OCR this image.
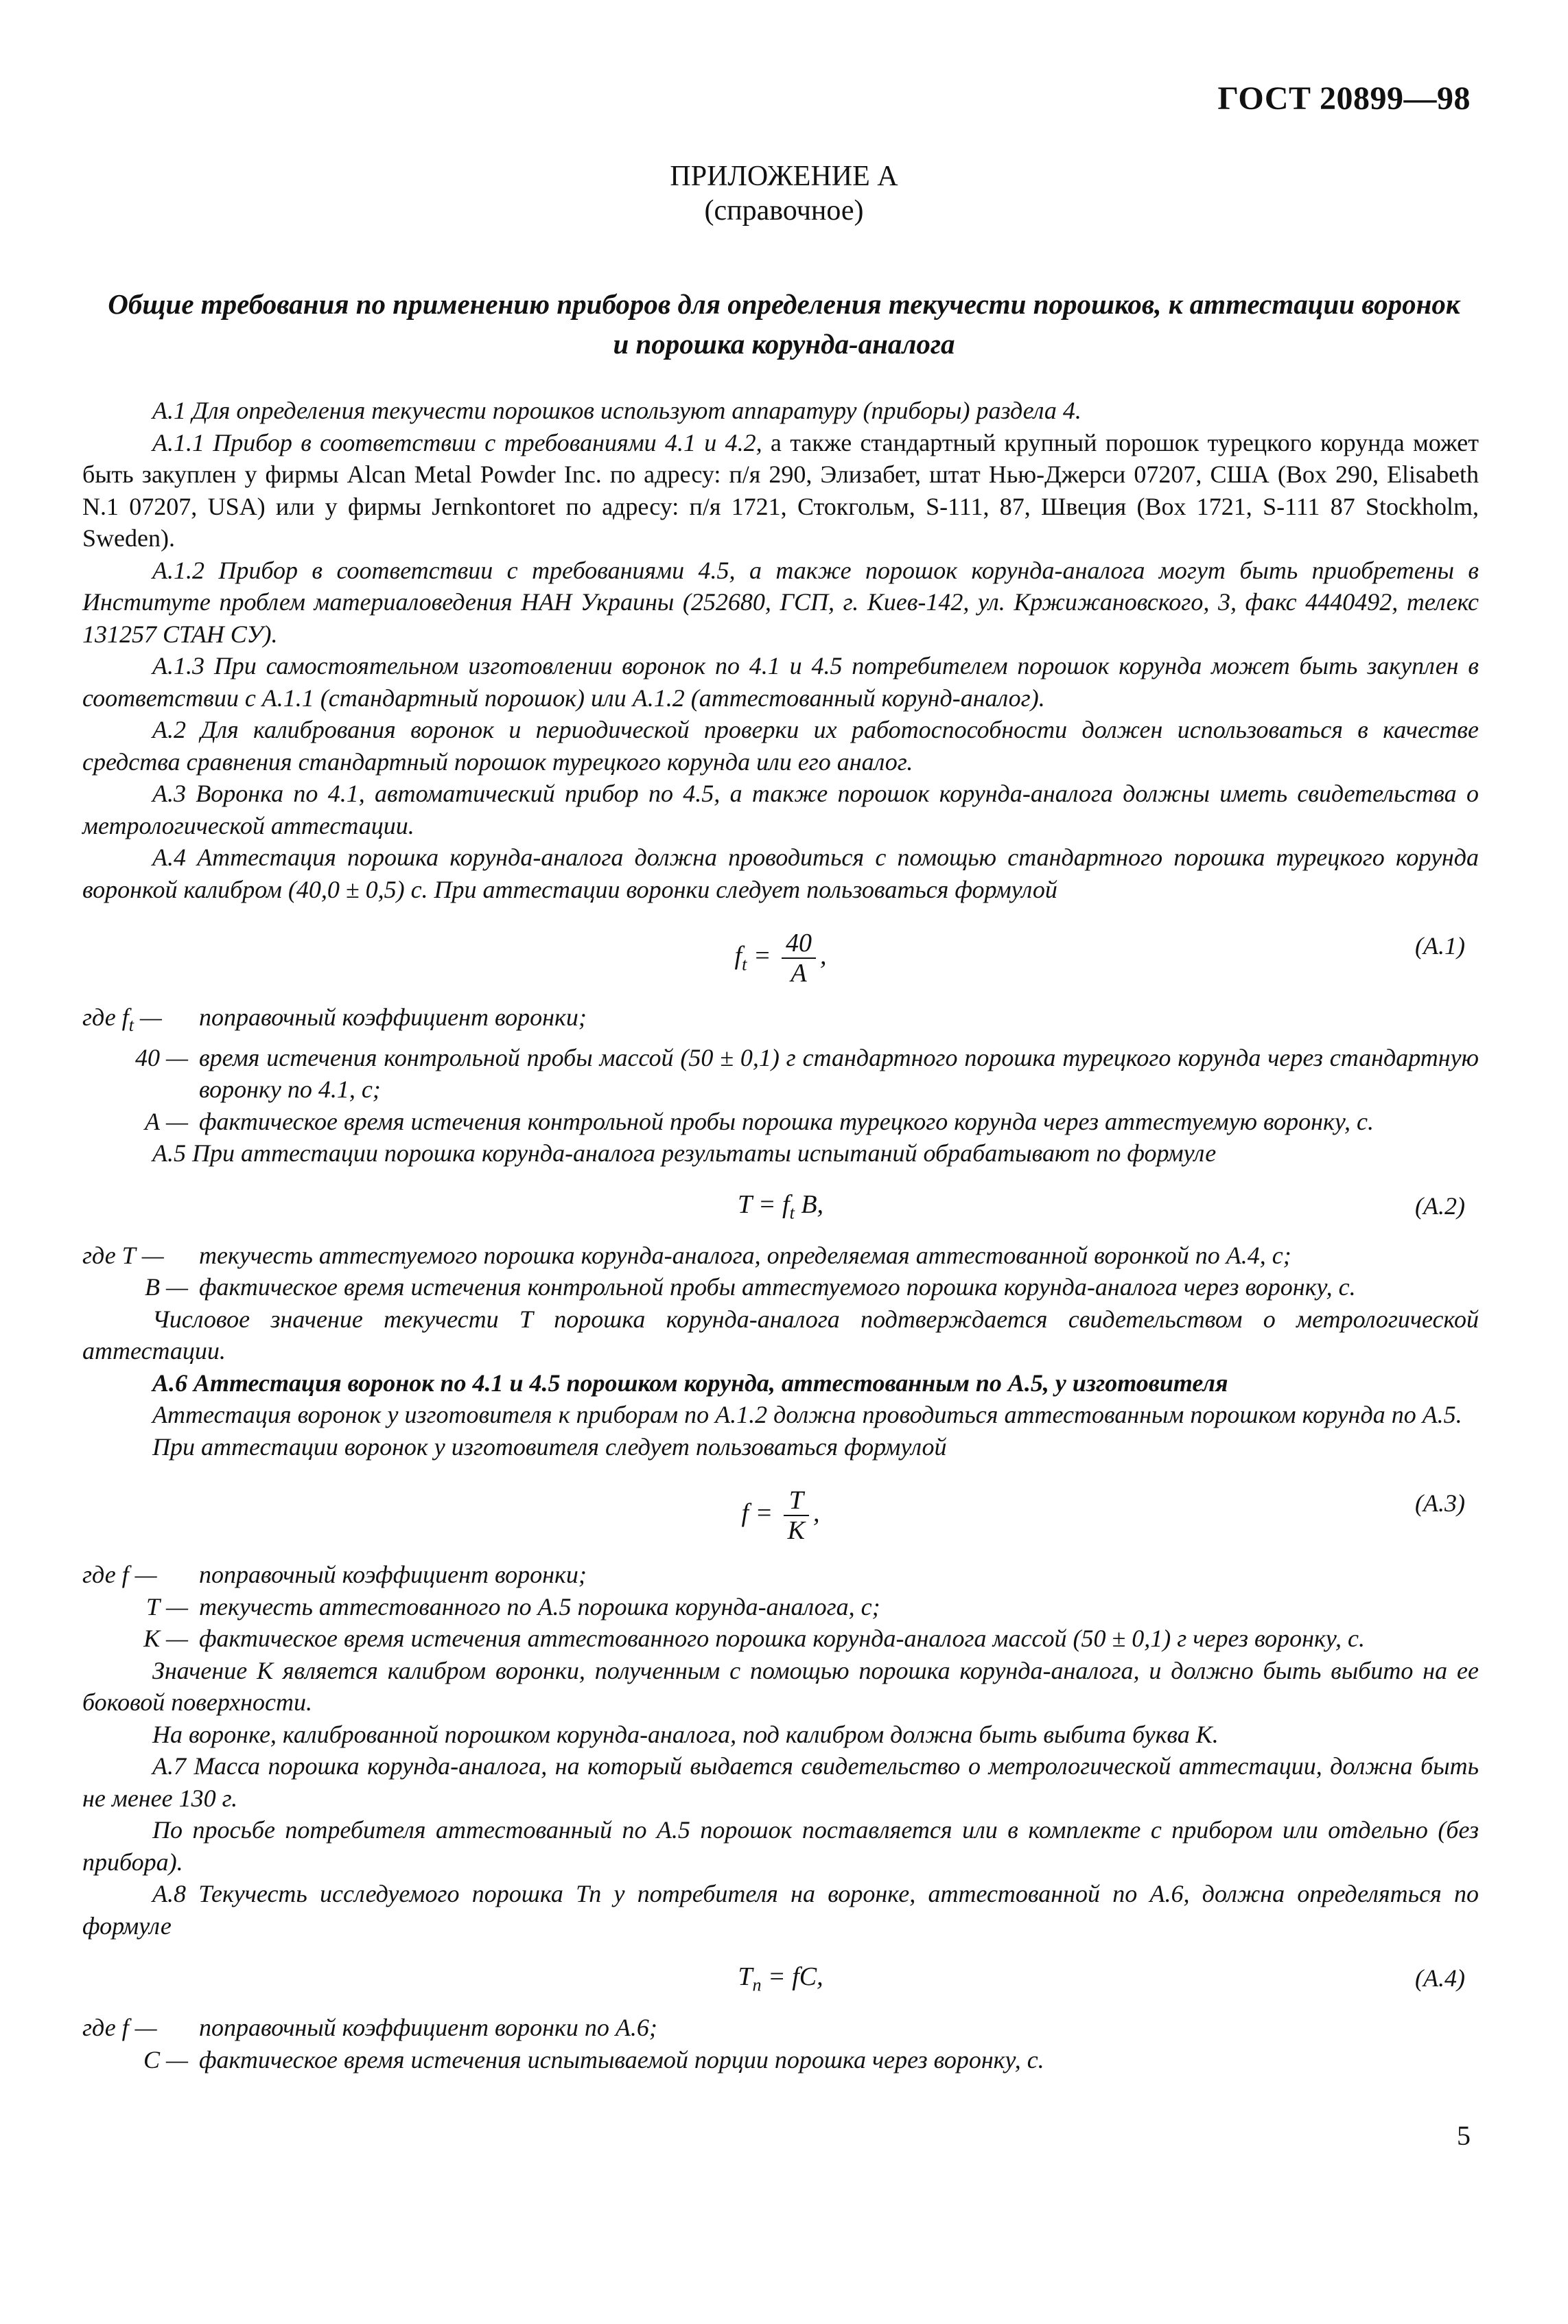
ГОСТ 20899—98
ПРИЛОЖЕНИЕ А
(справочное)
Общие требования по применению приборов для определения текучести порошков, к аттестации воронок и порошка корунда-аналога

А.1 Для определения текучести порошков используют аппаратуру (приборы) раздела 4.

А.1.1 Прибор в соответствии с требованиями 4.1 и 4.2, а также стандартный крупный порошок турецкого корунда может быть закуплен у фирмы Alcan Metal Powder Inc. по адресу: п/я 290, Элизабет, штат Нью-Джерси 07207, США (Box 290, Elisabeth N.1 07207, USA) или у фирмы Jernkontoret по адресу: п/я 1721, Стокгольм, S-111, 87, Швеция (Box 1721, S-111 87 Stockholm, Sweden).

А.1.2 Прибор в соответствии с требованиями 4.5, а также порошок корунда-аналога могут быть приобретены в Институте проблем материаловедения НАН Украины (252680, ГСП, г. Киев-142, ул. Кржижановского, 3, факс 4440492, телекс 131257 СТАН СУ).

А.1.3 При самостоятельном изготовлении воронок по 4.1 и 4.5 потребителем порошок корунда может быть закуплен в соответствии с А.1.1 (стандартный порошок) или А.1.2 (аттестованный корунд-аналог).

А.2 Для калибрования воронок и периодической проверки их работоспособности должен использоваться в качестве средства сравнения стандартный порошок турецкого корунда или его аналог.

А.3 Воронка по 4.1, автоматический прибор по 4.5, а также порошок корунда-аналога должны иметь свидетельства о метрологической аттестации.

А.4 Аттестация порошка корунда-аналога должна проводиться с помощью стандартного порошка турецкого корунда воронкой калибром (40,0 ± 0,5) с. При аттестации воронки следует пользоваться формулой

$f_t = \frac{40}{A}$ ,	(А.1)
где $f_t$ —	поправочный коэффициент воронки;
40 — время истечения контрольной пробы массой (50 ± 0,1) г стандартного порошка турецкого корунда через стандартную воронку по 4.1, с;
А — фактическое время истечения контрольной пробы порошка турецкого корунда через аттестуемую воронку, с.

А.5 При аттестации порошка корунда-аналога результаты испытаний обрабатывают по формуле

$T = f_t$ B,	(А.2)
где Т —	текучесть аттестуемого порошка корунда-аналога, определяемая аттестованной воронкой по А.4, с;
В — фактическое время истечения контрольной пробы аттестуемого порошка корунда-аналога через воронку, с.

Числовое значение текучести Т порошка корунда-аналога подтверждается свидетельством о метрологической аттестации.

А.6 Аттестация воронок по 4.1 и 4.5 порошком корунда, аттестованным по А.5, у изготовителя

Аттестация воронок у изготовителя к приборам по А.1.2 должна проводиться аттестованным порошком корунда по А.5.

При аттестации воронок у изготовителя следует пользоваться формулой

$f = \frac{T}{K}$ ,	(А.3)
где f —	поправочный коэффициент воронки;
Т — текучесть аттестованного по А.5 порошка корунда-аналога, с;
К — фактическое время истечения аттестованного порошка корунда-аналога массой (50 ± 0,1) г через воронку, с.

Значение К является калибром воронки, полученным с помощью порошка корунда-аналога, и должно быть выбито на ее боковой поверхности.

На воронке, калиброванной порошком корунда-аналога, под калибром должна быть выбита буква К.

А.7 Масса порошка корунда-аналога, на который выдается свидетельство о метрологической аттестации, должна быть не менее 130 г.

По просьбе потребителя аттестованный по А.5 порошок поставляется или в комплекте с прибором или отдельно (без прибора).

А.8 Текучесть исследуемого порошка Тп у потребителя на воронке, аттестованной по А.6, должна определяться по формуле

$T_п$ = fC,	(А.4)
где f —	поправочный коэффициент воронки по А.6;
С — фактическое время истечения испытываемой порции порошка через воронку, с.
5
